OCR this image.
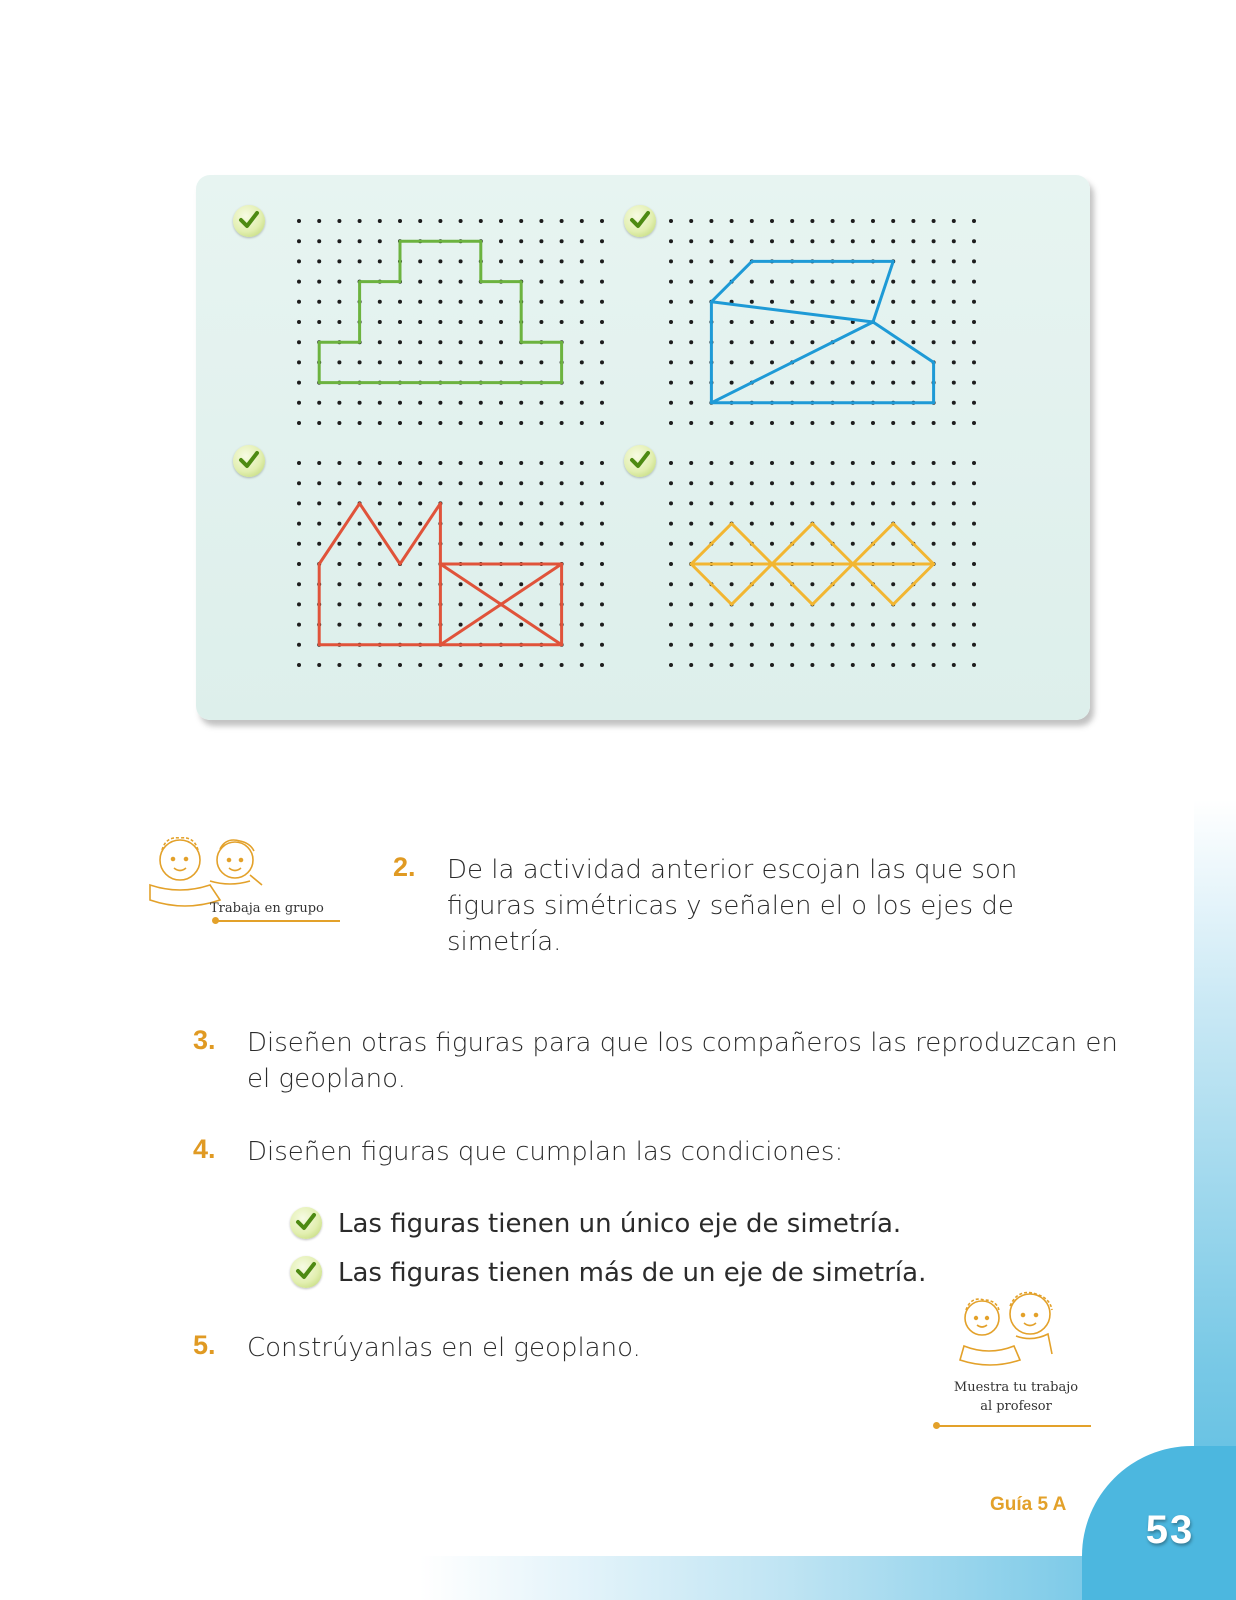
Trabaja en grupo
2. De la actividad anterior escojan las que son
figuras simétricas y señalen el o los ejes de
simetría.
3. Diseñen otras figuras para que los compañeros las reproduzcan en
el geoplano.
4. Diseñen figuras que cumplan las condiciones:
Las figuras tienen un único eje de simetría.
Las figuras tienen más de un eje de simetría.
5. Constrúyanlas en el geoplano.
Muestra tu trabajo
al profesor
Guía 5 A
53
